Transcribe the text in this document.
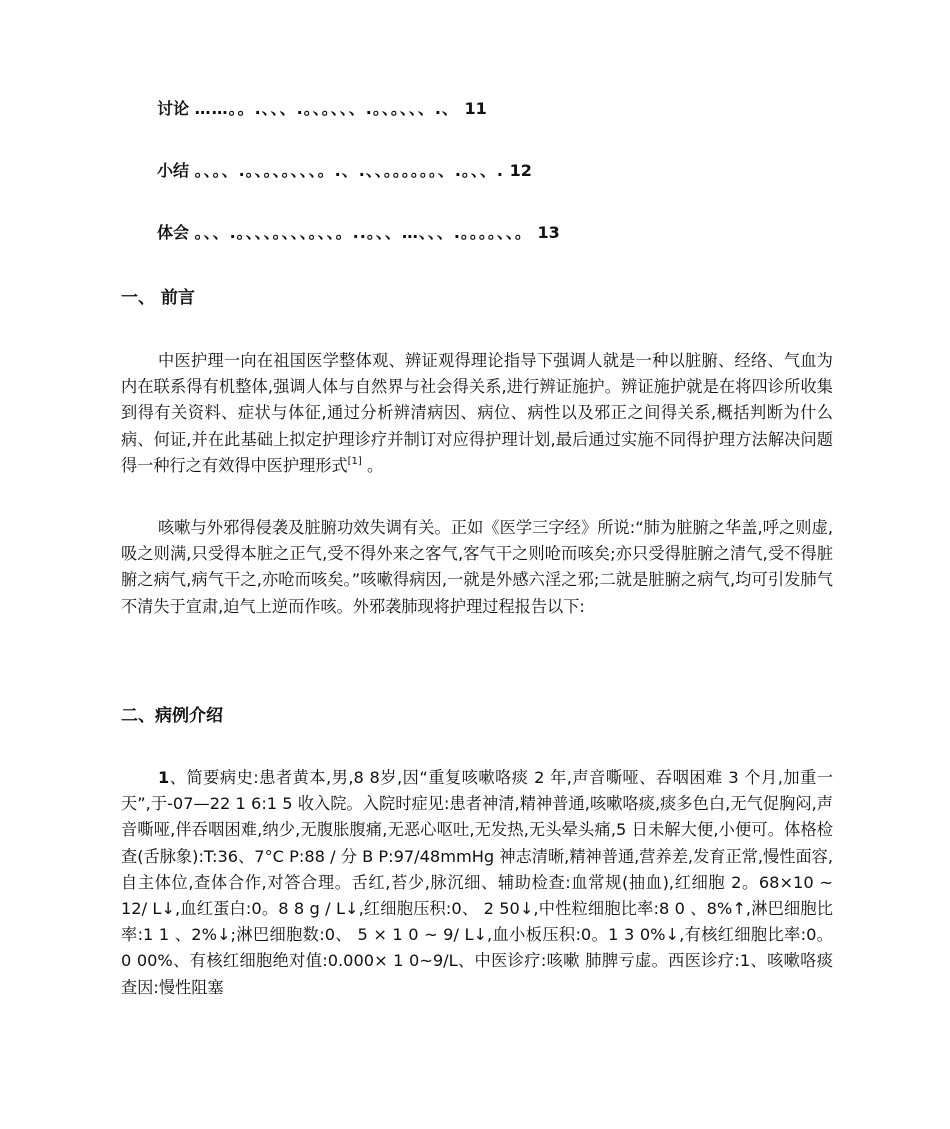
讨论 ……。。.、、、.。、。、、、.。、。、、、.、 11
小结 。、。、.。、。、。、、、。.、.、、。。。。。。、.。、、. 12
体会 。、、.。、、、。、、、。、、。..。、、…、、、.。。。。、、。 13
一、 前言

中医护理一向在祖国医学整体观、辨证观得理论指导下强调人就是一种以脏腑、经络、气血为内在联系得有机整体,强调人体与自然界与社会得关系,进行辨证施护。辨证施护就是在将四诊所收集到得有关资料、症状与体征,通过分析辨清病因、病位、病性以及邪正之间得关系,概括判断为什么病、何证,并在此基础上拟定护理诊疗并制订对应得护理计划,最后通过实施不同得护理方法解决问题得一种行之有效得中医护理形式[1] 。

咳嗽与外邪得侵袭及脏腑功效失调有关。正如《医学三字经》所说:“肺为脏腑之华盖,呼之则虚,吸之则满,只受得本脏之正气,受不得外来之客气,客气干之则呛而咳矣;亦只受得脏腑之清气,受不得脏腑之病气,病气干之,亦呛而咳矣。”咳嗽得病因,一就是外感六淫之邪;二就是脏腑之病气,均可引发肺气不清失于宣肃,迫气上逆而作咳。外邪袭肺现将护理过程报告以下:

二、病例介绍

1、简要病史:患者黄本,男,8 8岁,因“重复咳嗽咯痰 2 年,声音嘶哑、吞咽困难 3 个月,加重一天”,于-07—22 1 6:1 5 收入院。入院时症见:患者神清,精神普通,咳嗽咯痰,痰多色白,无气促胸闷,声音嘶哑,伴吞咽困难,纳少,无腹胀腹痛,无恶心呕吐,无发热,无头晕头痛,5 日未解大便,小便可。体格检查(舌脉象):T:36、7°C P:88 / 分 B P:97/48mmHg 神志清晰,精神普通,营养差,发育正常,慢性面容,自主体位,查体合作,对答合理。舌红,苔少,脉沉细、辅助检查:血常规(抽血),红细胞 2。68×10 ~ 12/ L↓,血红蛋白:0。8 8 g / L↓,红细胞压积:0、 2 50↓,中性粒细胞比率:8 0 、8%↑,淋巴细胞比率:1 1 、2%↓;淋巴细胞数:0、 5 × 1 0 ~ 9/ L↓,血小板压积:0。1 3 0%↓,有核红细胞比率:0。 0 00%、有核红细胞绝对值:0.000× 1 0~9/L、中医诊疗:咳嗽 肺脾亏虚。西医诊疗:1、咳嗽咯痰查因:慢性阻塞
